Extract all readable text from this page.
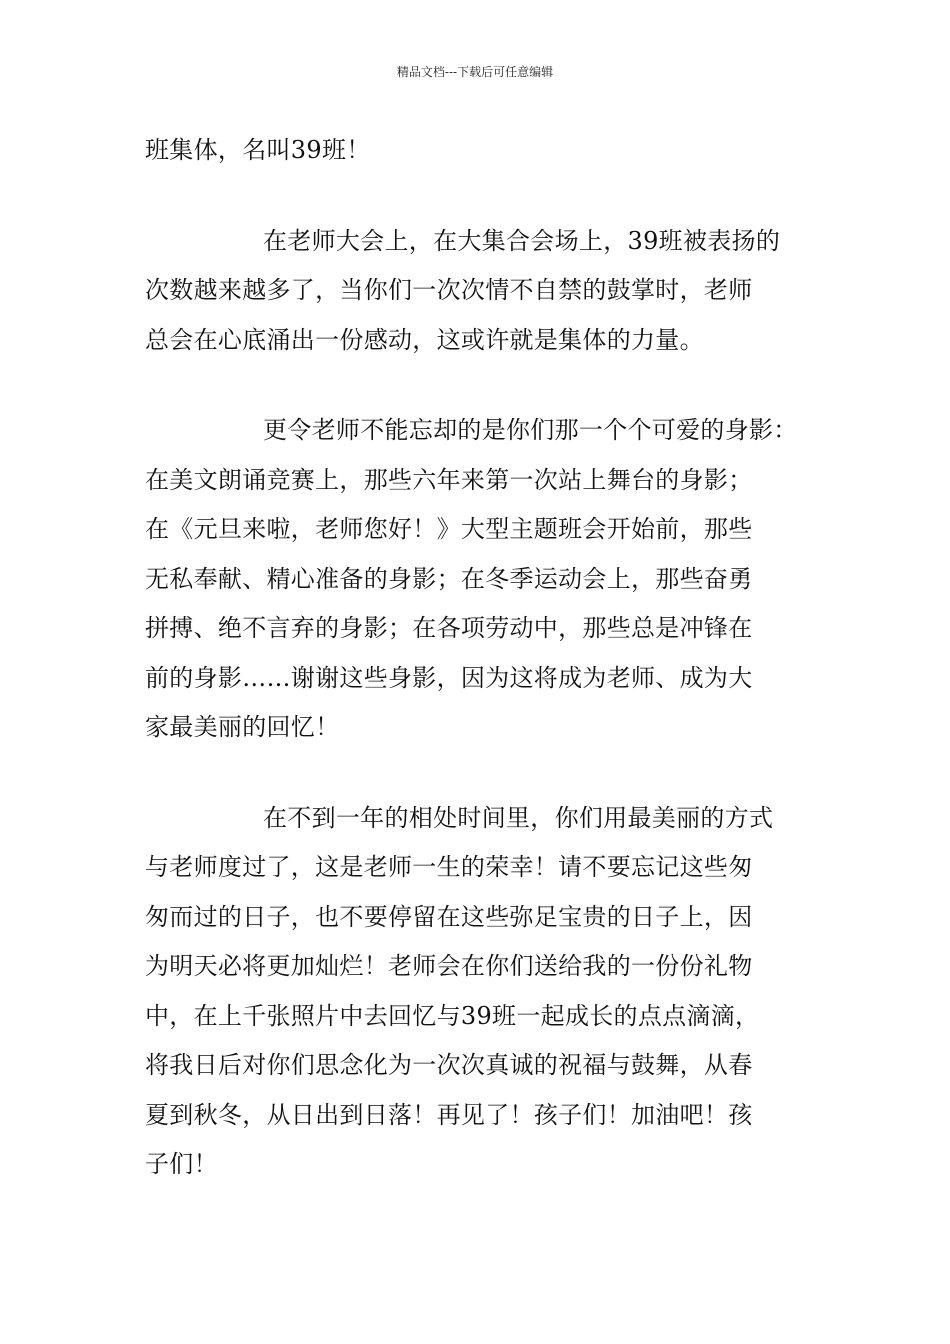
精品文档---下载后可任意编辑

班集体，名叫39班！

在老师大会上，在大集合会场上，39班被表扬的
次数越来越多了，当你们一次次情不自禁的鼓掌时，老师
总会在心底涌出一份感动，这或许就是集体的力量。

更令老师不能忘却的是你们那一个个可爱的身影：
在美文朗诵竞赛上，那些六年来第一次站上舞台的身影；
在《元旦来啦，老师您好！》大型主题班会开始前，那些
无私奉献、精心准备的身影；在冬季运动会上，那些奋勇
拼搏、绝不言弃的身影；在各项劳动中，那些总是冲锋在
前的身影……谢谢这些身影，因为这将成为老师、成为大
家最美丽的回忆！

在不到一年的相处时间里，你们用最美丽的方式
与老师度过了，这是老师一生的荣幸！请不要忘记这些匆
匆而过的日子，也不要停留在这些弥足宝贵的日子上，因
为明天必将更加灿烂！老师会在你们送给我的一份份礼物
中，在上千张照片中去回忆与39班一起成长的点点滴滴，
将我日后对你们思念化为一次次真诚的祝福与鼓舞，从春
夏到秋冬，从日出到日落！再见了！孩子们！加油吧！孩
子们！
